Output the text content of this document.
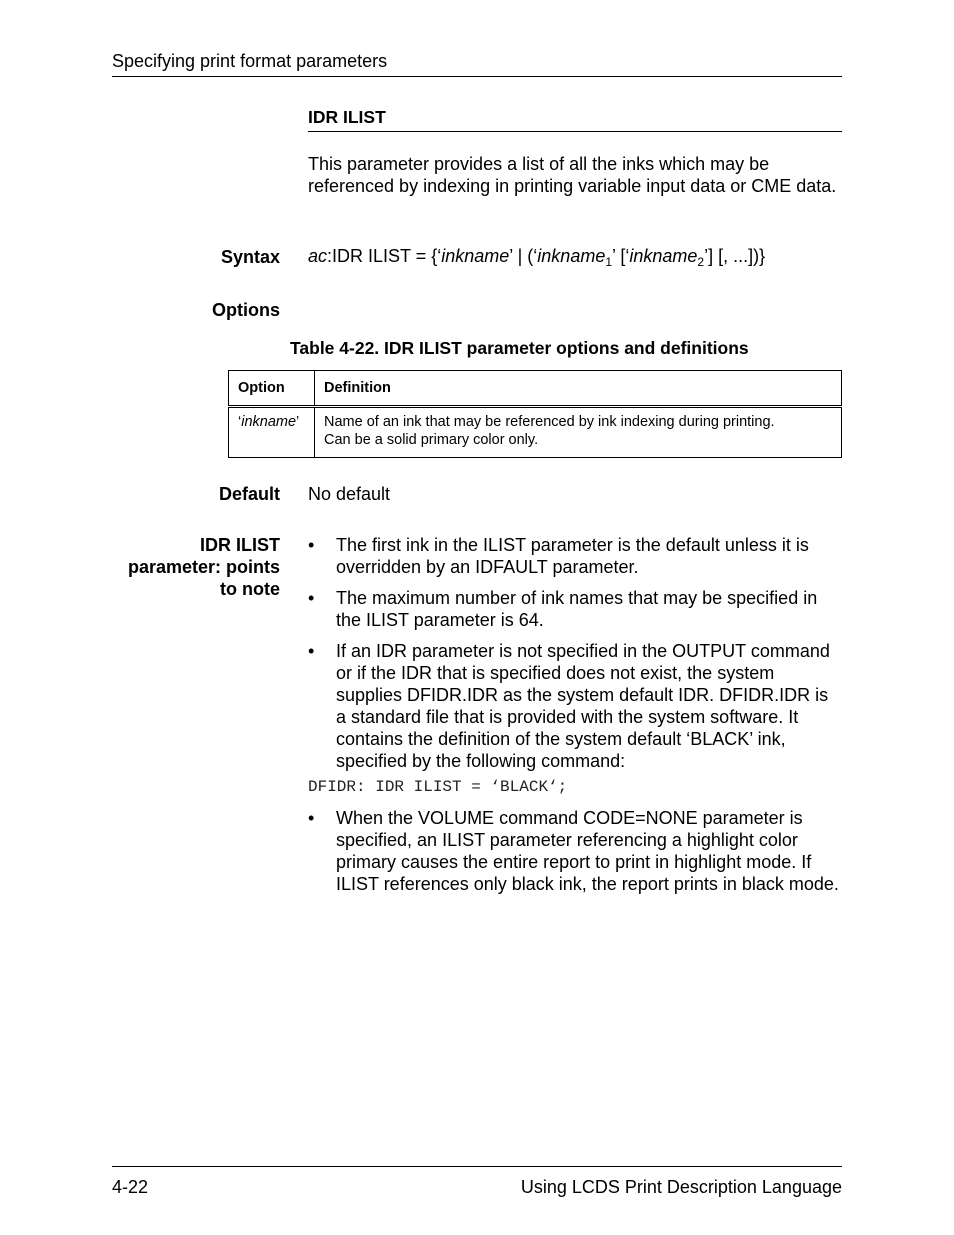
Specifying print format parameters
IDR ILIST
This parameter provides a list of all the inks which may be referenced by indexing in printing variable input data or CME data.
Syntax ac:IDR ILIST = {‘inkname’ | (‘inkname$_1$’ [‘inkname$_2$’] [, ...])}
Options
Table 4-22. IDR ILIST parameter options and definitions
Option	Definition
‘inkname’	Name of an ink that may be referenced by ink indexing during printing.
Can be a solid primary color only.
Default No default
IDR ILIST
parameter: points
to note
• The first ink in the ILIST parameter is the default unless it is overridden by an IDFAULT parameter.
• The maximum number of ink names that may be specified in the ILIST parameter is 64.
• If an IDR parameter is not specified in the OUTPUT command or if the IDR that is specified does not exist, the system supplies DFIDR.IDR as the system default IDR. DFIDR.IDR is a standard file that is provided with the system software. It contains the definition of the system default ‘BLACK’ ink, specified by the following command:
DFIDR: IDR ILIST = ‘BLACK‘;
• When the VOLUME command CODE=NONE parameter is specified, an ILIST parameter referencing a highlight color primary causes the entire report to print in highlight mode. If ILIST references only black ink, the report prints in black mode.
4-22	Using LCDS Print Description Language
